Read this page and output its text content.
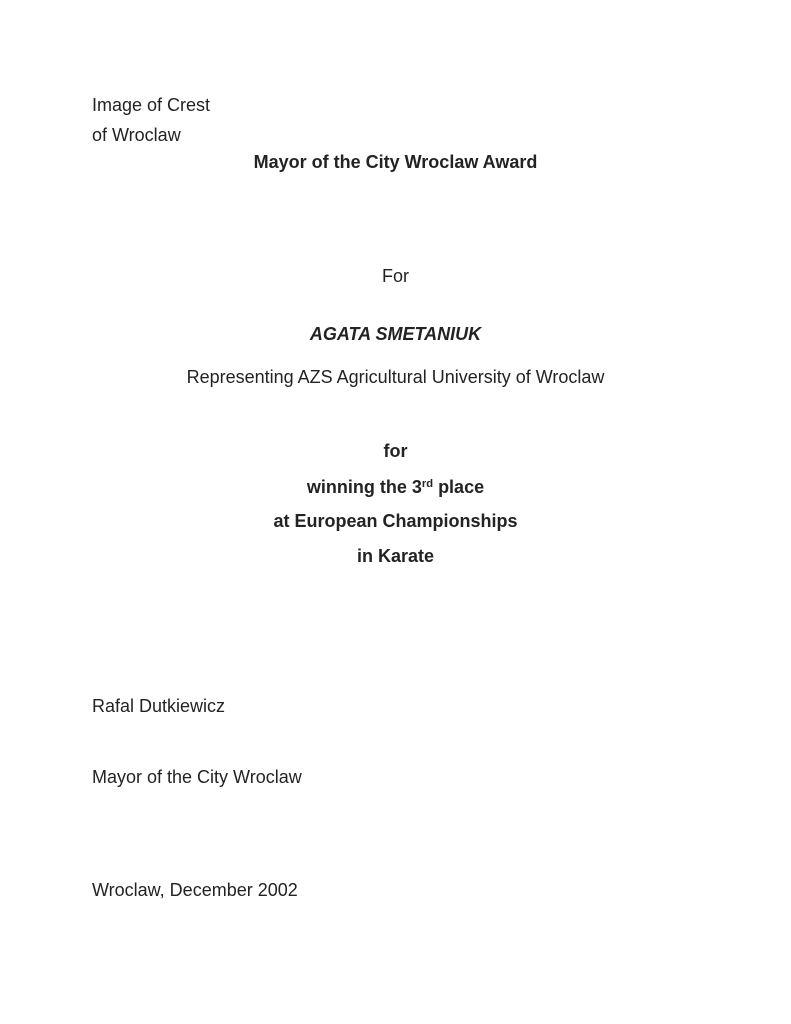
Image of Crest
of Wroclaw
Mayor of the City Wroclaw Award
For
AGATA SMETANIUK
Representing AZS Agricultural University of Wroclaw
for
winning the 3rd place
at European Championships
in Karate
Rafal Dutkiewicz
Mayor of the City Wroclaw
Wroclaw, December 2002
